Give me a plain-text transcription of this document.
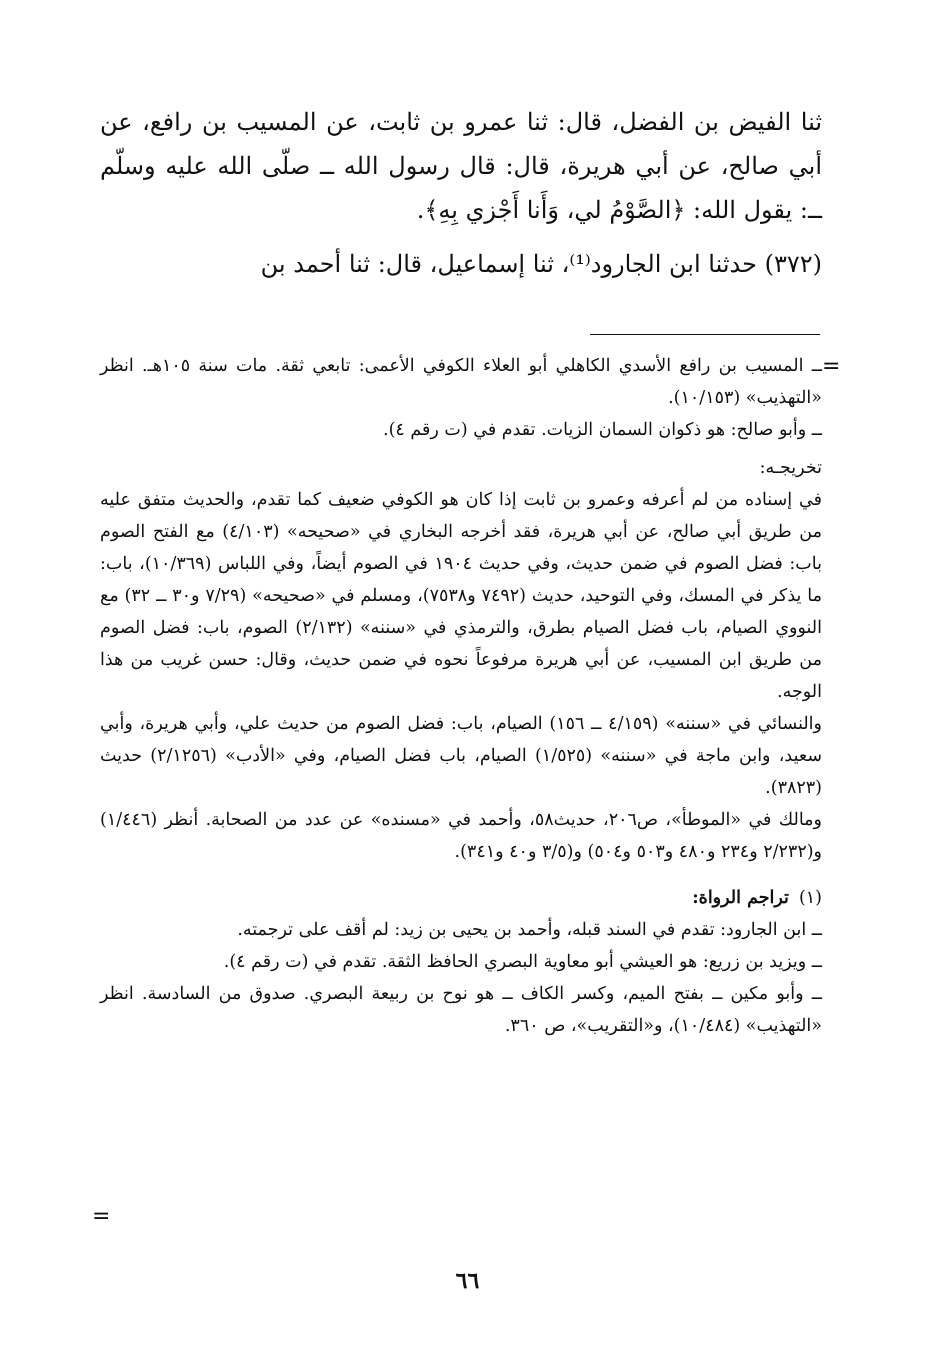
ثنا الفيض بن الفضل، قال: ثنا عمرو بن ثابت، عن المسيب بن رافع، عن أبي صالح، عن أبي هريرة، قال: قال رسول الله ــ صلّى الله عليه وسلّم ــ: يقول الله: ﴿الصَّوْمُ لي، وَأَنا أَجْزي بِهِ﴾.

(٣٧٢) حدثنا ابن الجارود⁽¹⁾، ثنا إسماعيل، قال: ثنا أحمد بن

=

ــ المسيب بن رافع الأسدي الكاهلي أبو العلاء الكوفي الأعمى: تابعي ثقة. مات سنة ١٠٥هـ. انظر «التهذيب» (١٠/١٥٣).

ــ وأبو صالح: هو ذكوان السمان الزيات. تقدم في (ت رقم ٤).

تخريجـه:

في إسناده من لم أعرفه وعمرو بن ثابت إذا كان هو الكوفي ضعيف كما تقدم، والحديث متفق عليه من طريق أبي صالح، عن أبي هريرة، فقد أخرجه البخاري في «صحيحه» (٤/١٠٣) مع الفتح الصوم باب: فضل الصوم في ضمن حديث، وفي حديث ١٩٠٤ في الصوم أيضاً، وفي اللباس (١٠/٣٦٩)، باب: ما يذكر في المسك، وفي التوحيد، حديث (٧٤٩٢ و٧٥٣٨)، ومسلم في «صحيحه» (٧/٢٩ و٣٠ ــ ٣٢) مع النووي الصيام، باب فضل الصيام بطرق، والترمذي في «سننه» (٢/١٣٢) الصوم، باب: فضل الصوم من طريق ابن المسيب، عن أبي هريرة مرفوعاً نحوه في ضمن حديث، وقال: حسن غريب من هذا الوجه.

والنسائي في «سننه» (٤/١٥٩ ــ ١٥٦) الصيام، باب: فضل الصوم من حديث علي، وأبي هريرة، وأبي سعيد، وابن ماجة في «سننه» (١/٥٢٥) الصيام، باب فضل الصيام، وفي «الأدب» (٢/١٢٥٦) حديث (٣٨٢٣).

ومالك في «الموطأ»، ص٢٠٦، حديث٥٨، وأحمد في «مسنده» عن عدد من الصحابة. أنظر (١/٤٤٦) و(٢/٢٣٢ و٢٣٤ و٤٨٠ و٥٠٣ و٥٠٤) و(٣/٥ و٤٠ و٣٤١).

(١)تراجم الرواة:

ــ ابن الجارود: تقدم في السند قبله، وأحمد بن يحيى بن زيد: لم أقف على ترجمته.

ــ ويزيد بن زريع: هو العيشي أبو معاوية البصري الحافظ الثقة. تقدم في (ت رقم ٤).

ــ وأبو مكين ــ بفتح الميم، وكسر الكاف ــ هو نوح بن ربيعة البصري. صدوق من السادسة. انظر «التهذيب» (١٠/٤٨٤)، و«التقريب»، ص ٣٦٠.

=
٦٦
